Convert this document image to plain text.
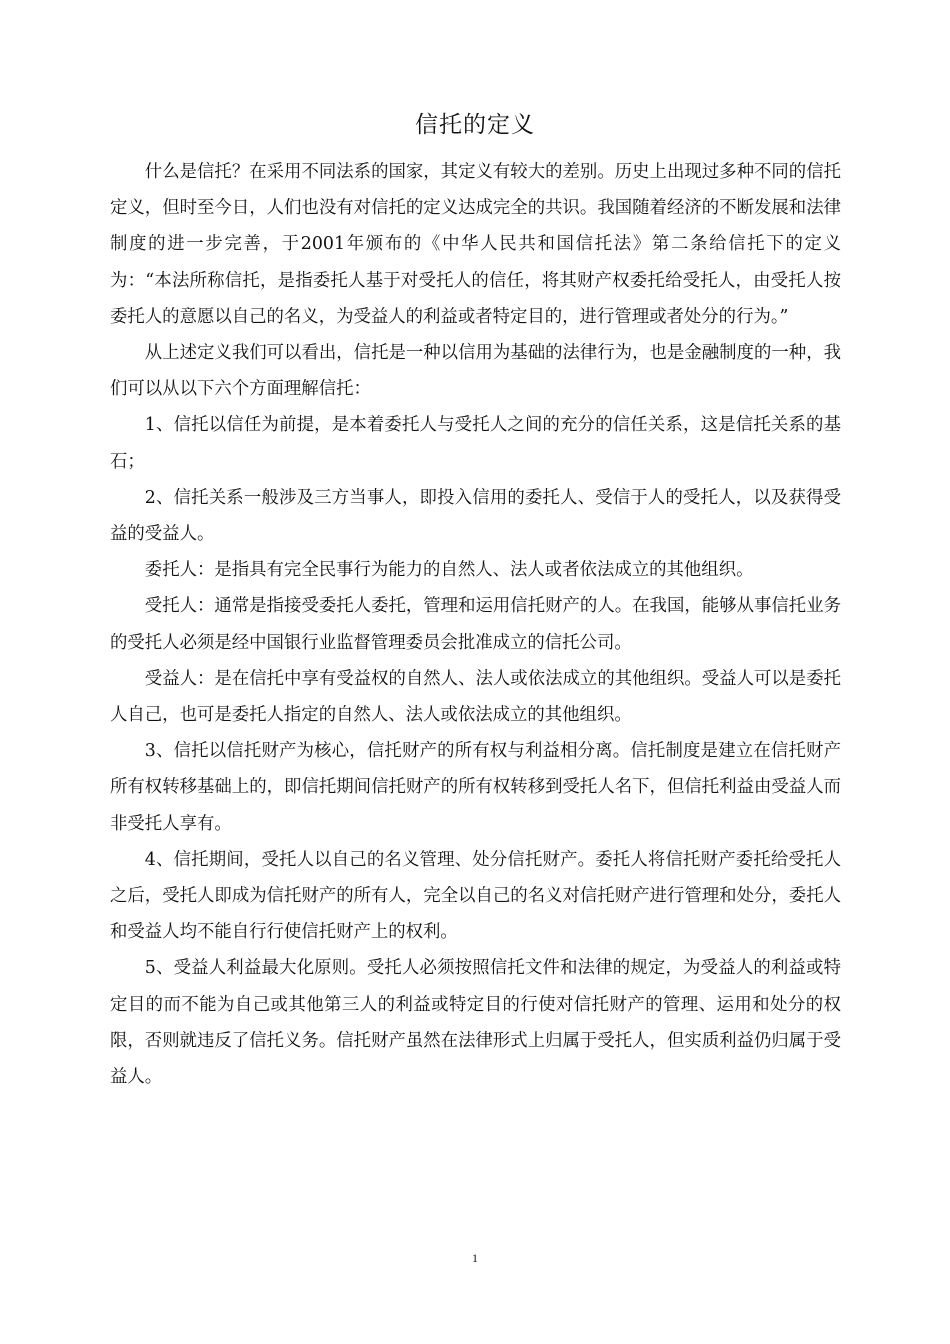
信托的定义

什么是信托？在采用不同法系的国家，其定义有较大的差别。历史上出现过多种不同的信托定义，但时至今日，人们也没有对信托的定义达成完全的共识。我国随着经济的不断发展和法律制度的进一步完善，于2001年颁布的《中华人民共和国信托法》第二条给信托下的定义为：“本法所称信托，是指委托人基于对受托人的信任，将其财产权委托给受托人，由受托人按委托人的意愿以自己的名义，为受益人的利益或者特定目的，进行管理或者处分的行为。”

从上述定义我们可以看出，信托是一种以信用为基础的法律行为，也是金融制度的一种，我们可以从以下六个方面理解信托：

1、信托以信任为前提，是本着委托人与受托人之间的充分的信任关系，这是信托关系的基石；

2、信托关系一般涉及三方当事人，即投入信用的委托人、受信于人的受托人，以及获得受益的受益人。

委托人：是指具有完全民事行为能力的自然人、法人或者依法成立的其他组织。

受托人：通常是指接受委托人委托，管理和运用信托财产的人。在我国，能够从事信托业务的受托人必须是经中国银行业监督管理委员会批准成立的信托公司。

受益人：是在信托中享有受益权的自然人、法人或依法成立的其他组织。受益人可以是委托人自己，也可是委托人指定的自然人、法人或依法成立的其他组织。

3、信托以信托财产为核心，信托财产的所有权与利益相分离。信托制度是建立在信托财产所有权转移基础上的，即信托期间信托财产的所有权转移到受托人名下，但信托利益由受益人而非受托人享有。

4、信托期间，受托人以自己的名义管理、处分信托财产。委托人将信托财产委托给受托人之后，受托人即成为信托财产的所有人，完全以自己的名义对信托财产进行管理和处分，委托人和受益人均不能自行行使信托财产上的权利。

5、受益人利益最大化原则。受托人必须按照信托文件和法律的规定，为受益人的利益或特定目的而不能为自己或其他第三人的利益或特定目的行使对信托财产的管理、运用和处分的权限，否则就违反了信托义务。信托财产虽然在法律形式上归属于受托人，但实质利益仍归属于受益人。

1
